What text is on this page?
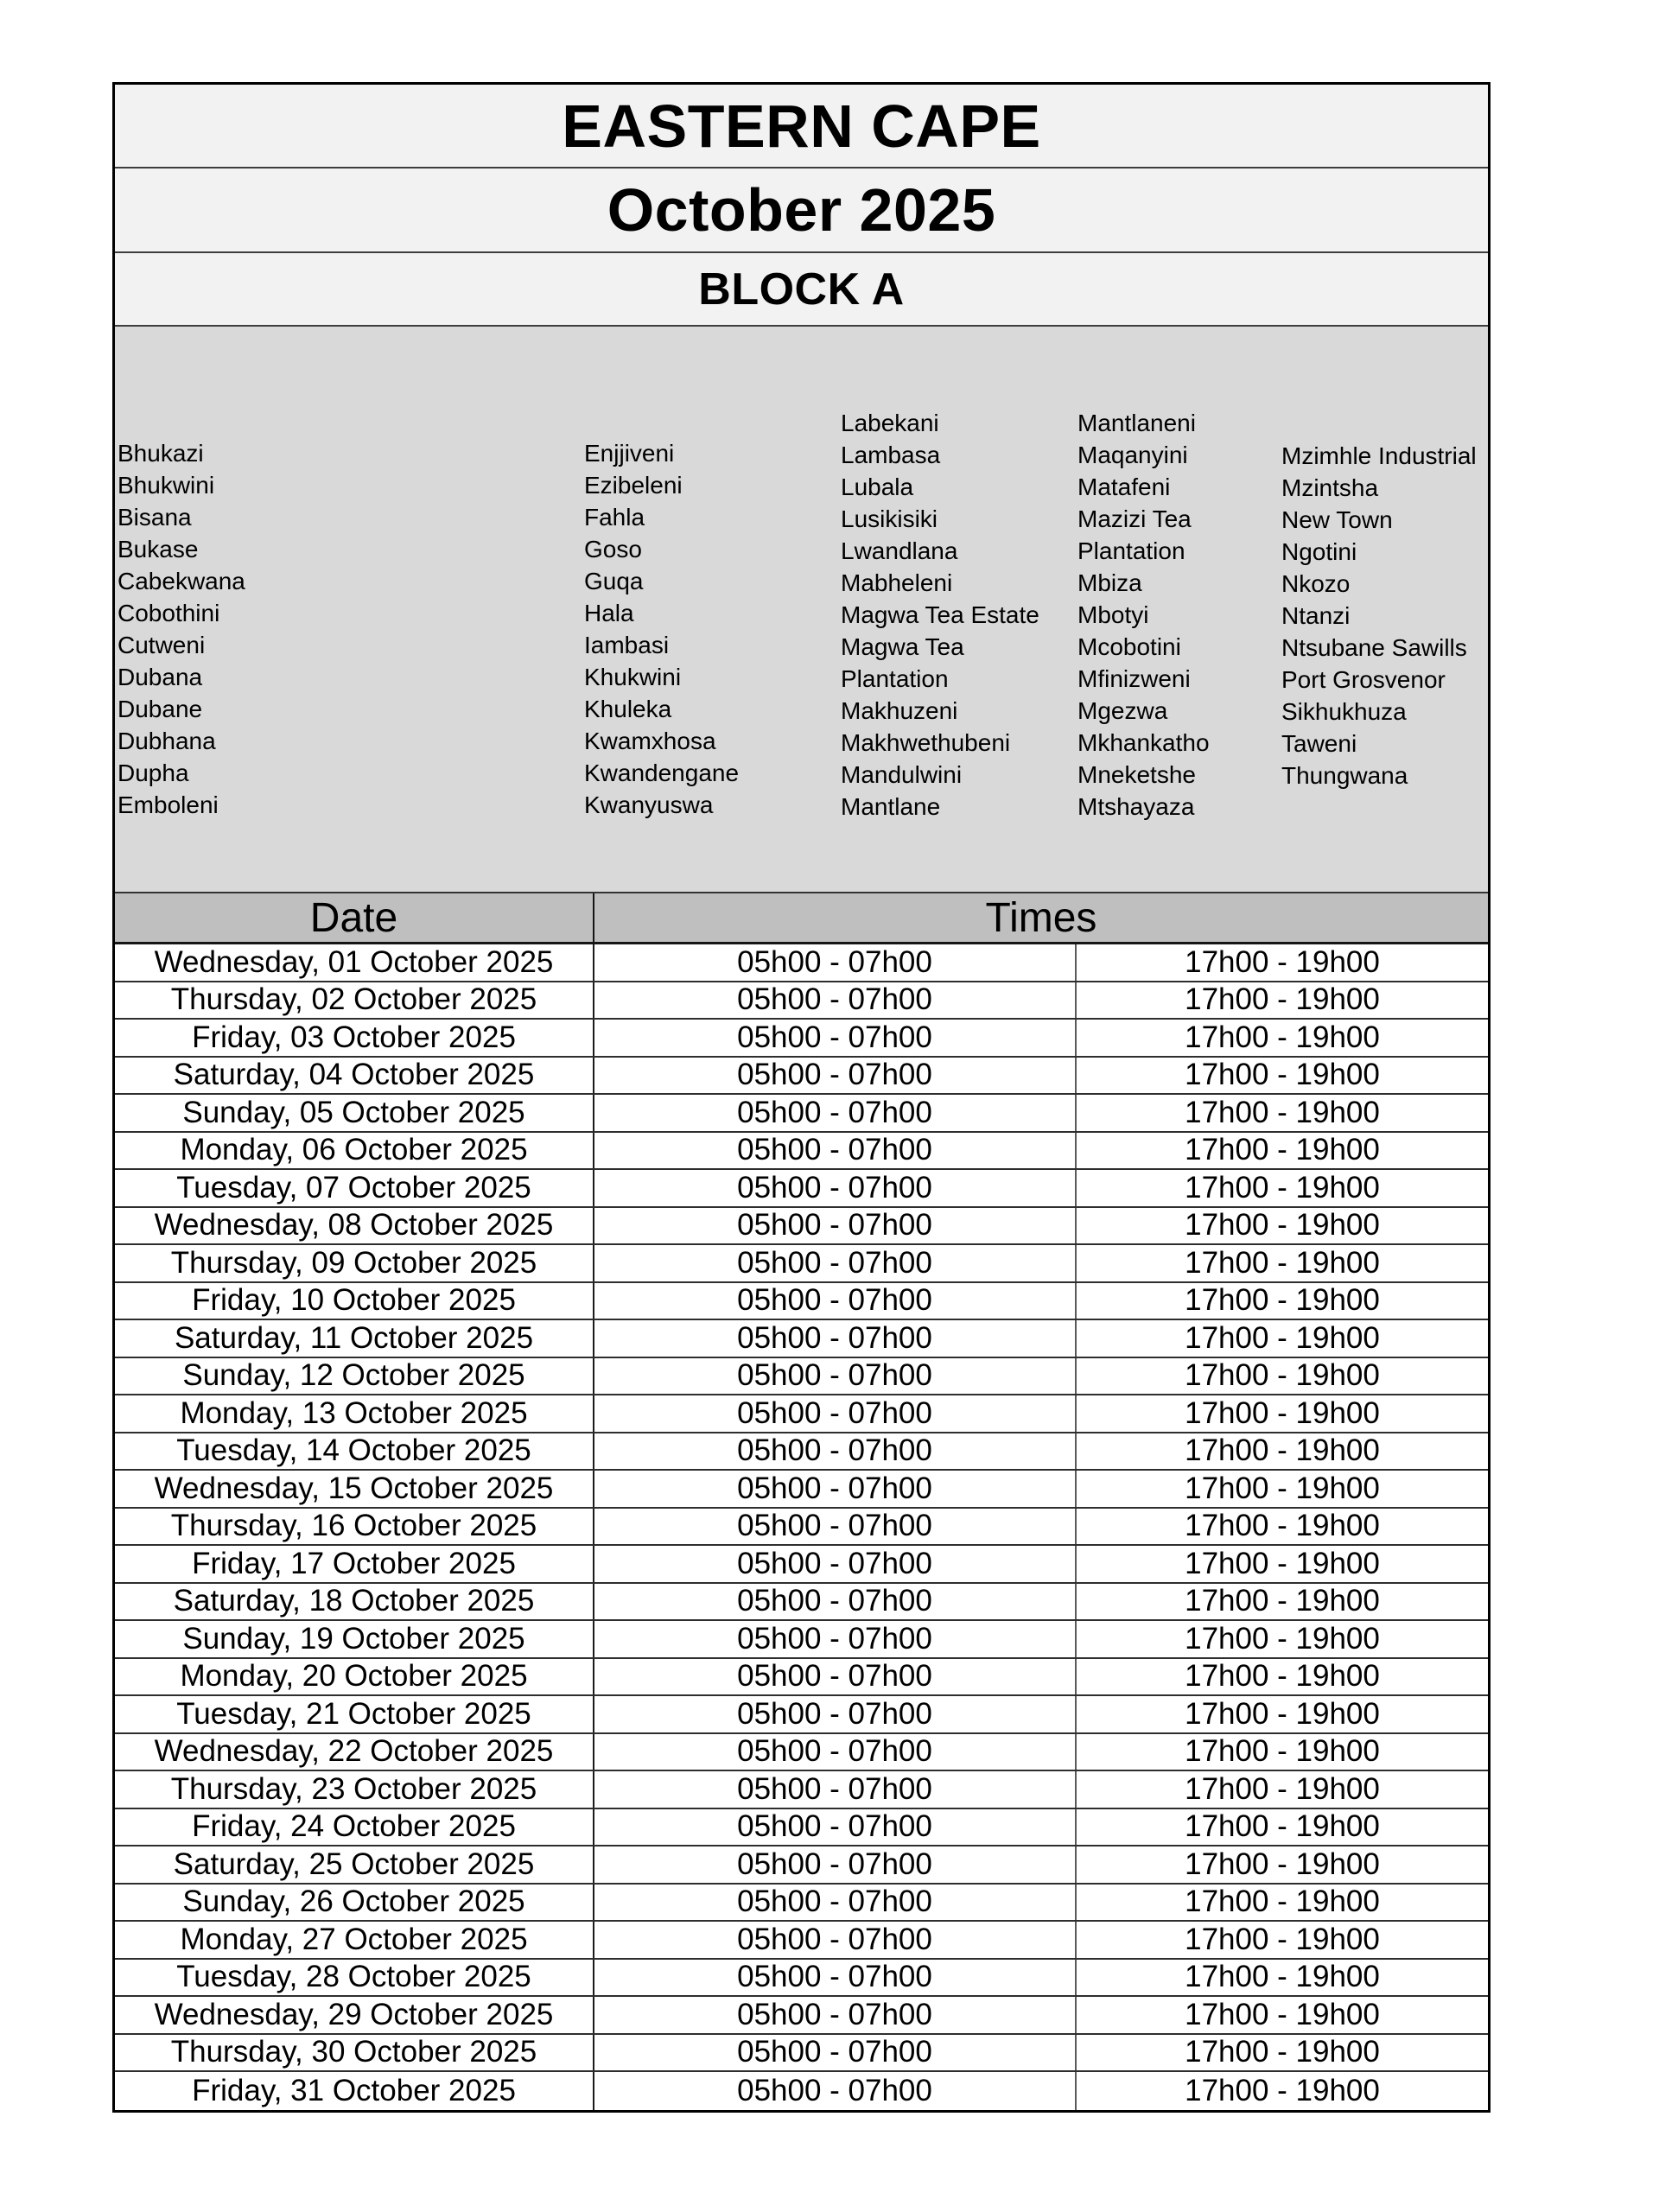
EASTERN CAPE
October 2025
BLOCK A
Bhukazi
Bhukwini
Bisana
Bukase
Cabekwana
Cobothini
Cutweni
Dubana
Dubane
Dubhana
Dupha
Emboleni
Enjjiveni
Ezibeleni
Fahla
Goso
Guqa
Hala
Iambasi
Khukwini
Khuleka
Kwamxhosa
Kwandengane
Kwanyuswa
Labekani
Lambasa
Lubala
Lusikisiki
Lwandlana
Mabheleni
Magwa Tea Estate
Magwa Tea
Plantation
Makhuzeni
Makhwethubeni
Mandulwini
Mantlane
Mantlaneni
Maqanyini
Matafeni
Mazizi Tea
Plantation
Mbiza
Mbotyi
Mcobotini
Mfinizweni
Mgezwa
Mkhankatho
Mneketshe
Mtshayaza
Mzimhle Industrial
Mzintsha
New Town
Ngotini
Nkozo
Ntanzi
Ntsubane Sawills
Port Grosvenor
Sikhukhuza
Taweni
Thungwana
Date	Times
Wednesday, 01 October 2025	05h00 - 07h00	17h00 - 19h00
Thursday, 02 October 2025	05h00 - 07h00	17h00 - 19h00
Friday, 03 October 2025	05h00 - 07h00	17h00 - 19h00
Saturday, 04 October 2025	05h00 - 07h00	17h00 - 19h00
Sunday, 05 October 2025	05h00 - 07h00	17h00 - 19h00
Monday, 06 October 2025	05h00 - 07h00	17h00 - 19h00
Tuesday, 07 October 2025	05h00 - 07h00	17h00 - 19h00
Wednesday, 08 October 2025	05h00 - 07h00	17h00 - 19h00
Thursday, 09 October 2025	05h00 - 07h00	17h00 - 19h00
Friday, 10 October 2025	05h00 - 07h00	17h00 - 19h00
Saturday, 11 October 2025	05h00 - 07h00	17h00 - 19h00
Sunday, 12 October 2025	05h00 - 07h00	17h00 - 19h00
Monday, 13 October 2025	05h00 - 07h00	17h00 - 19h00
Tuesday, 14 October 2025	05h00 - 07h00	17h00 - 19h00
Wednesday, 15 October 2025	05h00 - 07h00	17h00 - 19h00
Thursday, 16 October 2025	05h00 - 07h00	17h00 - 19h00
Friday, 17 October 2025	05h00 - 07h00	17h00 - 19h00
Saturday, 18 October 2025	05h00 - 07h00	17h00 - 19h00
Sunday, 19 October 2025	05h00 - 07h00	17h00 - 19h00
Monday, 20 October 2025	05h00 - 07h00	17h00 - 19h00
Tuesday, 21 October 2025	05h00 - 07h00	17h00 - 19h00
Wednesday, 22 October 2025	05h00 - 07h00	17h00 - 19h00
Thursday, 23 October 2025	05h00 - 07h00	17h00 - 19h00
Friday, 24 October 2025	05h00 - 07h00	17h00 - 19h00
Saturday, 25 October 2025	05h00 - 07h00	17h00 - 19h00
Sunday, 26 October 2025	05h00 - 07h00	17h00 - 19h00
Monday, 27 October 2025	05h00 - 07h00	17h00 - 19h00
Tuesday, 28 October 2025	05h00 - 07h00	17h00 - 19h00
Wednesday, 29 October 2025	05h00 - 07h00	17h00 - 19h00
Thursday, 30 October 2025	05h00 - 07h00	17h00 - 19h00
Friday, 31 October 2025	05h00 - 07h00	17h00 - 19h00
